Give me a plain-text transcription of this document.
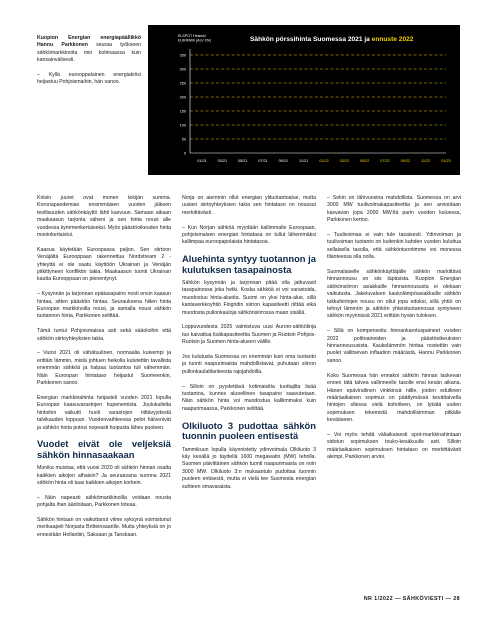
Kuopion Energian energiapäällikkö Hannu Parkkonen seuraa työkseen sähkömarkkinoita min kotimaassa kuin kansainvälisesti.

– Kyllä eurooppalainen energiakriisi heijastuu Pohjoismaihin, hän sanoo.

ELSPOT Helsinki EUR/MWh (ALV 0%)	Sähkön pörssihinta Suomessa 2021 ja ennuste 2022
0
50
100
150
200
250
300
350
01/21	03/21	05/21	07/21	09/21	11/21	01/22	03/22	05/22	07/22	09/22	11/22	01/23

Kriisin juuret ovat monen tekijän summa. Koronapandemian ensimmäisen vuoden jälkeen teollisuuden sähkönkäyttö lähti kasvuun. Samaan aikaan maakaasun tarjonta väheni ja sen hinta nousi alle vuodessa kymmenkertaiseksi. Myös päästöoikeuden hinta moninkertaistui.

Kaasua käytetään Euroopassa paljon. Sen siirtoon Venäjältä Eurooppaan rakennettua Nordstream 2 -yhteyttä ei ole saatu käyttöön Ukrainan ja Venäjän pitkittyneen konfliktin takia. Maakaasun tuonti Ukrainan kautta Eurooppaan on pienentynyt.

– Kysynnän ja tarjonnan epätasapaino nosti ensin kaasun hintaa, sitten päästöin hintaa. Seurauksena hiilen hinta Euroopan markkinoilla nousi, ja samalla nousi sähkön tuotannon hinta, Parkkonen selittää.

Tämä tuntui Pohjoismaissa asti sekä sääoloihin että sähkön siirtoyhteyksien takia.

– Vuosi 2021 oli vähätuulinen, normaalia kuivempi ja erittäin lämmin, mistä johtuen heikolla kulutettiin tavallista enemmän sähköä ja halpaa tuotantoa tuli vähemmän. Näin Euroopan hintataso heijastui Suomeenkin, Parkkonen sanoo.

Energian markkinahinta heijasteli vuoden 2021 lopulla Euroopan kaasuvarastojen hupenemista. Joulukuilelta hintoihin vaikutti huoli varastojen riittävyydestä talvikauden loppuun. Vuodenvaihteessa pelot hälvenivät ja sähkön hinta putosi nopeasti huipusta lähes puoleen.

Vuodet eivät ole veljeksiä sähkön hinnasaakaan

Monika muistaa, että vuosi 2020 oli sähkön hinnan osalta kaikkien aikojen alhaisin? Ja seuraavana vuonna 2021 sähkön hinta oli taas kaikkien aikojen korkein.

– Näin napeasti sähkömarkkinoilla voidaan nousta pohjalta ihan ääriloitaan, Parkkonen toteaa.

Sähkön hintaan on vaikuttanut viime syksynä voimistunut merikaapeli Norjasta Britteinsaarille. Muita yhteyksiä on jo ennestään Hollantiin, Saksaan ja Tanskaan.

Norja on aiemmin ollut energian ylituotantoalue, mutta uusien siirtoyhteyksien takia sen hintataso on noussut merkittävästi.

– Kun Norjan sähköä myydään kallimmalle Euroopaan, pohjoismaisen energian hintatasa on tullut lähemmäksi kallimpaa euroopapolaista hintatasoa.

Aluehinta syntyy tuotannon ja kulutuksen tasapainosta

Sähkön kysynnän ja tarjonnan pitää olla jatkuvasti tasapainossa joka hetki. Koska sähköä ei voi varastoida, muodostuu hinta-alueita. Suomi on yksi hinta-alue, sillä kantaverkkoyhtiö Fingridin siirron kapasiteetti riittää eikä muodosta pullonkauloja sähkönsiirrossa maan sisällä.

Loppuvuodesta 2025 valmistuva uusi Auroro-sähkölinja tuo kaivattua lisäkapasiteettia Suomen ja Ruotsin Pohjois-Ruotsin ja Suomen hinta-alueen välille.

Jos kulutusta Suomessa on enemmän kuin oma tuotanto ja tuonti naapurimaista mahdollistavat, puhutaan siirron pullonkaulatilanteesta rajojahdoilla.

– Silloin on pyydettävä kotimaisilta tuottajilta lisää tuotantoa, kunnes alueellinen tasapaino saavutetaan. Näin sähkön hinta voi muodostua kalliimmaksi kuin naapurimaassa, Parkkonen selittää.

Olkiluoto 3 pudottaa sähkön tuonnin puoleen entisestä

Tammikuun lopulla käynnistetty ydinvoimala Olkiluoto 3 käy kesällä jo täydellä 1600 megawatin (MW) teholla. Suomen päivittäinen sähkön tuonti naapurimaista on noin 3000 MW. Olkiluoto 3:n mukaantulo pudottaa tuonnin puoleen entisestä, mutta ei vielä tee Suomesta energian suhteen omavaraista.

– Sekin on lähivuosina mahdollista. Suomessa on arvi 3000 MW tuulivoimakapasiteettia ja sen arvioidaan kasvavan jopa 2000 MW:llä parin vuoden kuluessa, Parkkonen kertoo.

– Tuulivoimaa ei vain tule tasaisesti. Ydinvoiman ja tuulivoiman tuotanto on kuitenkin kahden vuoden kuluttua sellaisella tasolla, että sähköntuontimme voi monessa tilanteessa olla nolla.

Suomalaiselle sähkönkäyttäjälle sähkön markittävä hinnannousu on siis täpäsista. Kuopion Energian sähkönsiirron asiakkaille hinnannoususta ei olekaan vaikutusta. Jakeluvaleen kaukolämpöasiakkaille sähkön tukkuhintojen nousu on ollut jopa eduksi, sillä yhtiö on tehnyt lämmön ja sähkön yhteistuotannossa syntyneen sähkön myynnissä 2021 erittäin hyvän tuloksen.

– Sillä on kompensoitu hinnankarotuspaineet vuoden 2022 polttoaineiden ja päästöoikeuksien hinnannoususista. Kaukolämmön hintaa nostettiin vain puolet vallitsevan inflaation määrästä, Hannu Parkkonen sanoo.

Koko Suomessa hän ennakoi sähkön hinnan laskevan ennen tätä talvea vallinneelle tasolle ensi kesän aikana. Hänen epävirallinen vinkkinsä niille, joiden edullinen määräaikainen sopimus on päättymässä kevättalvella hintojen ollessa vielä koholleen, on lykätä uuden sopimuksen tekemistä mahdollisimman pitkälle kevääseen.

– Voi myös tehdä väliaikaisesti spot-markkinahintaan sidotun sopimuksen touko-kesäkuulle asti. Silloin määräaikaisen sopimuksen hintataso on merkittävästi alempi, Parkkonen arvioi.

NR 1/2022 — SÄHKÖVIESTI — 28
